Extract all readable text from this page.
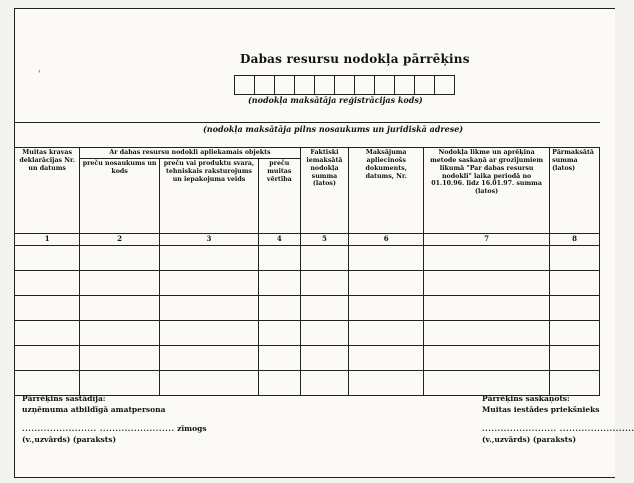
Dabas resursu nodokļa pārrēķins
(nodokļa maksātāja reģistrācijas kods)
(nodokļa maksātāja pilns nosaukums un juridiskā adrese)
'
Muitas kravas deklarācijas Nr. un datums	Ar dabas resursu nodokli apliekamais objekts			Faktiski iemaksātā nodokļa summa (latos)	Maksājuma apliecinošs dokuments, datums, Nr.	Nodokļa likme un aprēķina metode saskaņā ar grozījumiem likumā "Par dabas resursu nodokli" laika periodā no 01.10.96. līdz 16.01.97. summa (latos)	Pārmaksātā summa (latos)
	preču nosaukums un kods	preču vai produktu svara, tehniskais raksturojums un iepakojuma veids	preču muitas vērtība				
1	2	3	4	5	6	7	8

Pārrēķins sastādīja:
uzņēmuma atbildīgā amatpersona
........................ ........................ zīmogs
(v.,uzvārds) (paraksts)
Pārrēķins saskaņots:
Muitas iestādes priekšnieks
........................ ........................
(v.,uzvārds) (paraksts)
